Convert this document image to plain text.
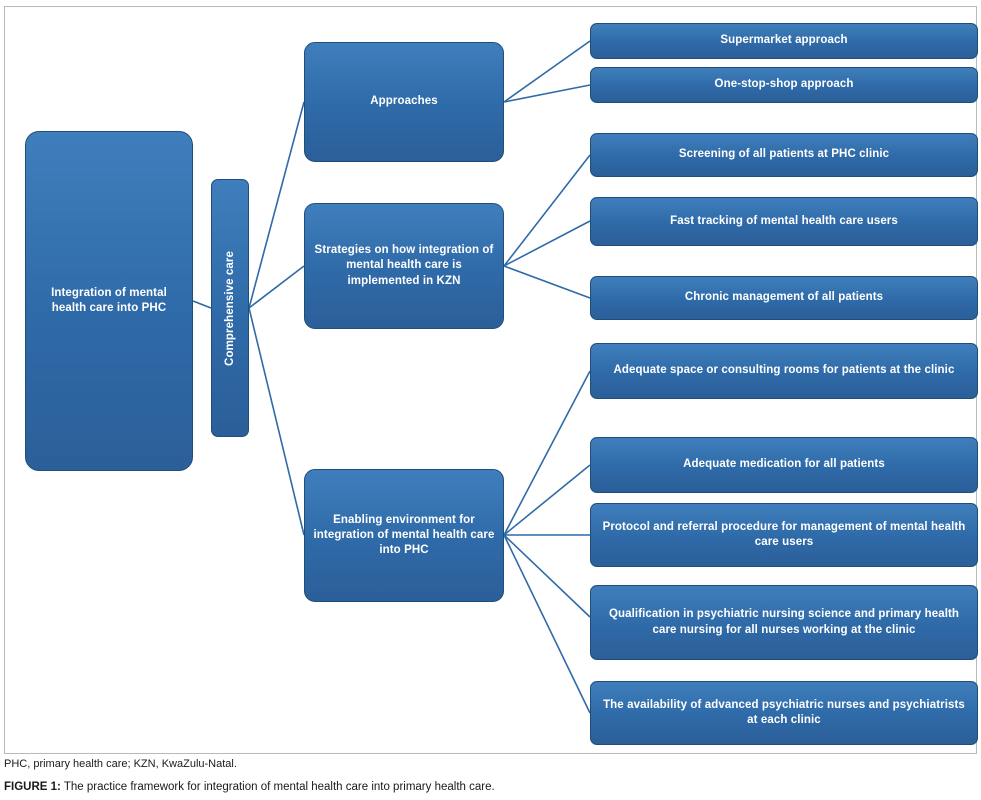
Integration of mental health care into PHC	Comprehensive care
Approaches
Strategies on how integration of mental health care is implemented in KZN
Enabling environment for integration of mental health care into PHC
Supermarket approach
One-stop-shop approach
Screening of all patients at PHC clinic
Fast tracking of mental health care users
Chronic management of all patients
Adequate space or consulting rooms for patients at the clinic
Adequate medication for all patients
Protocol and referral procedure for management of mental health care users
Qualification in psychiatric nursing science and primary health care nursing for all nurses working at the clinic
The availability of advanced psychiatric nurses and psychiatrists at each clinic

PHC, primary health care; KZN, KwaZulu-Natal.

FIGURE 1: The practice framework for integration of mental health care into primary health care.
